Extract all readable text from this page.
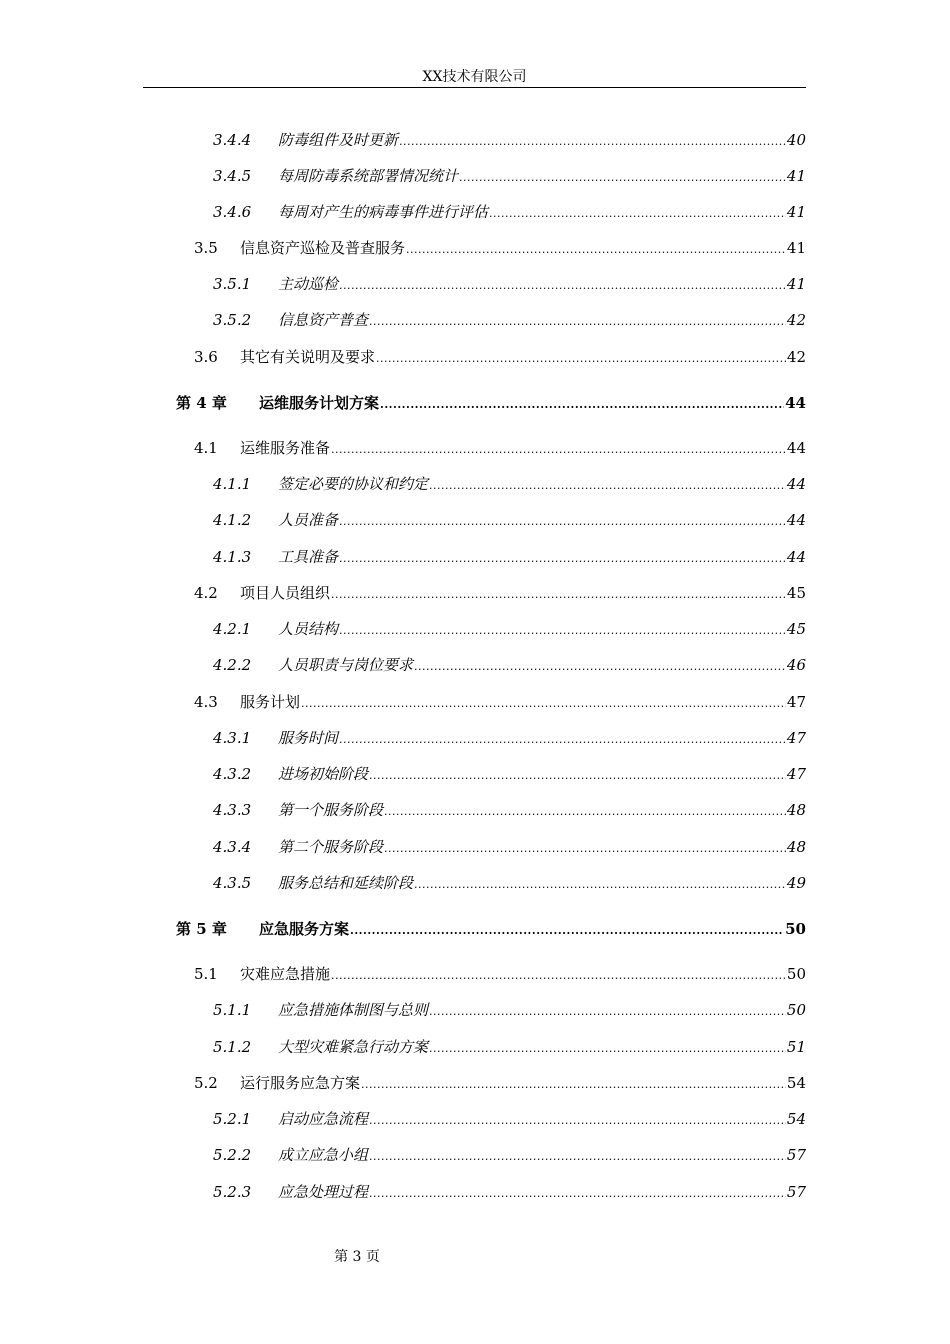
XX技术有限公司
3.4.4	防毒组件及时更新 .....	40
3.4.5	每周防毒系统部署情况统计 .....	41
3.4.6	每周对产生的病毒事件进行评估 .....	41
3.5	信息资产巡检及普查服务 .....	41
3.5.1	主动巡检 .....	41
3.5.2	信息资产普查 .....	42
3.6	其它有关说明及要求 .....	42
第 4 章	运维服务计划方案 .....	44
4.1	运维服务准备 .....	44
4.1.1	签定必要的协议和约定 .....	44
4.1.2	人员准备 .....	44
4.1.3	工具准备 .....	44
4.2	项目人员组织 .....	45
4.2.1	人员结构 .....	45
4.2.2	人员职责与岗位要求 .....	46
4.3	服务计划 .....	47
4.3.1	服务时间 .....	47
4.3.2	进场初始阶段 .....	47
4.3.3	第一个服务阶段 .....	48
4.3.4	第二个服务阶段 .....	48
4.3.5	服务总结和延续阶段 .....	49
第 5 章	应急服务方案 .....	50
5.1	灾难应急措施 .....	50
5.1.1	应急措施体制图与总则 .....	50
5.1.2	大型灾难紧急行动方案 .....	51
5.2	运行服务应急方案 .....	54
5.2.1	启动应急流程 .....	54
5.2.2	成立应急小组 .....	57
5.2.3	应急处理过程 .....	57
第 3 页
